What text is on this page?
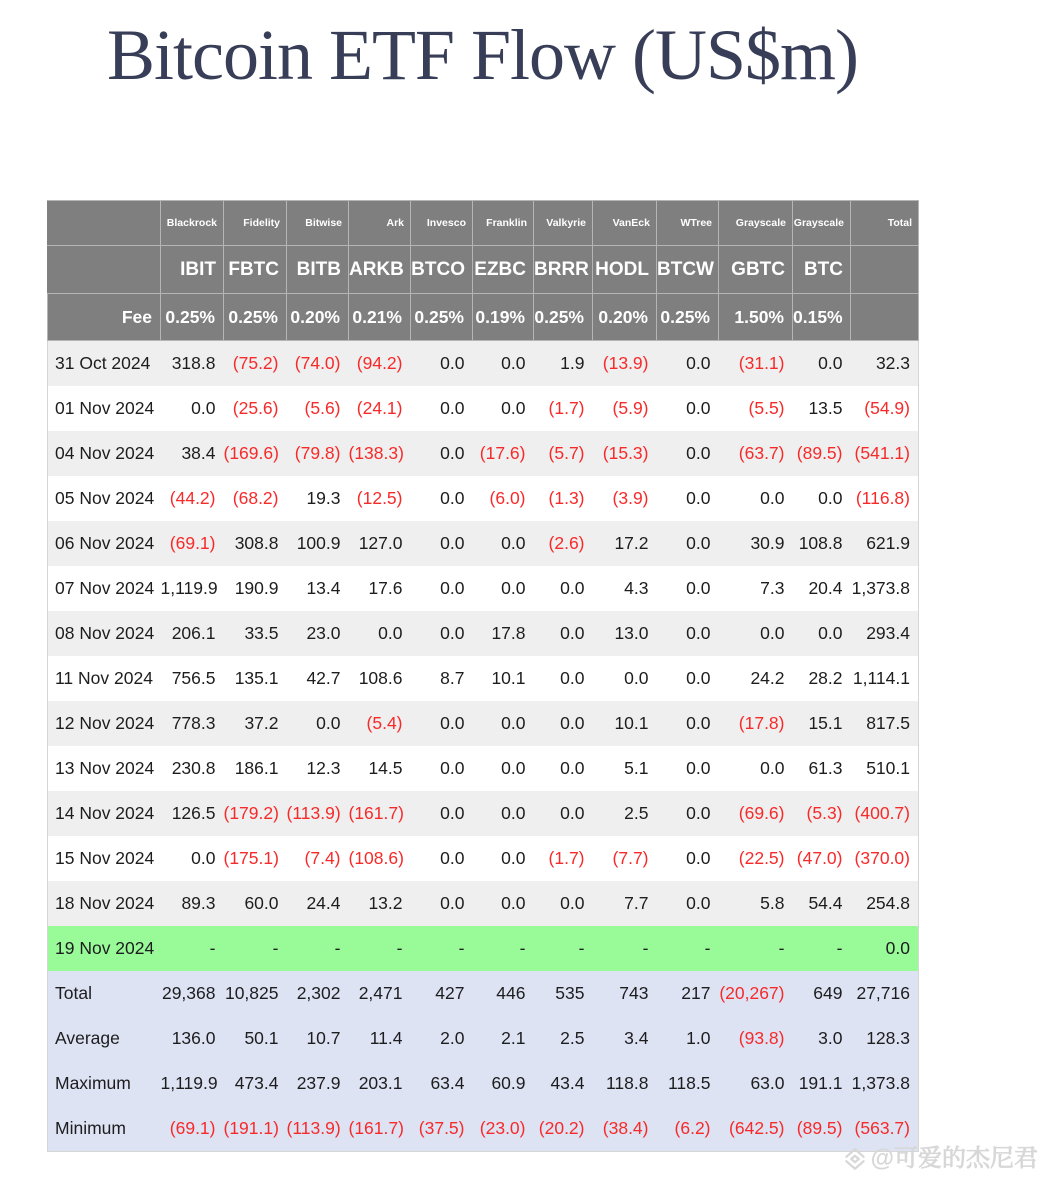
Bitcoin ETF Flow (US$m)
	Blackrock	Fidelity	Bitwise	Ark	Invesco	Franklin	Valkyrie	VanEck	WTree	Grayscale	Grayscale	Total
	IBIT	FBTC	BITB	ARKB	BTCO	EZBC	BRRR	HODL	BTCW	GBTC	BTC	
Fee	0.25%	0.25%	0.20%	0.21%	0.25%	0.19%	0.25%	0.20%	0.25%	1.50%	0.15%	
31 Oct 2024	318.8	(75.2)	(74.0)	(94.2)	0.0	0.0	1.9	(13.9)	0.0	(31.1)	0.0	32.3
01 Nov 2024	0.0	(25.6)	(5.6)	(24.1)	0.0	0.0	(1.7)	(5.9)	0.0	(5.5)	13.5	(54.9)
04 Nov 2024	38.4	(169.6)	(79.8)	(138.3)	0.0	(17.6)	(5.7)	(15.3)	0.0	(63.7)	(89.5)	(541.1)
05 Nov 2024	(44.2)	(68.2)	19.3	(12.5)	0.0	(6.0)	(1.3)	(3.9)	0.0	0.0	0.0	(116.8)
06 Nov 2024	(69.1)	308.8	100.9	127.0	0.0	0.0	(2.6)	17.2	0.0	30.9	108.8	621.9
07 Nov 2024	1,119.9	190.9	13.4	17.6	0.0	0.0	0.0	4.3	0.0	7.3	20.4	1,373.8
08 Nov 2024	206.1	33.5	23.0	0.0	0.0	17.8	0.0	13.0	0.0	0.0	0.0	293.4
11 Nov 2024	756.5	135.1	42.7	108.6	8.7	10.1	0.0	0.0	0.0	24.2	28.2	1,114.1
12 Nov 2024	778.3	37.2	0.0	(5.4)	0.0	0.0	0.0	10.1	0.0	(17.8)	15.1	817.5
13 Nov 2024	230.8	186.1	12.3	14.5	0.0	0.0	0.0	5.1	0.0	0.0	61.3	510.1
14 Nov 2024	126.5	(179.2)	(113.9)	(161.7)	0.0	0.0	0.0	2.5	0.0	(69.6)	(5.3)	(400.7)
15 Nov 2024	0.0	(175.1)	(7.4)	(108.6)	0.0	0.0	(1.7)	(7.7)	0.0	(22.5)	(47.0)	(370.0)
18 Nov 2024	89.3	60.0	24.4	13.2	0.0	0.0	0.0	7.7	0.0	5.8	54.4	254.8
19 Nov 2024	-	-	-	-	-	-	-	-	-	-	-	0.0
Total	29,368	10,825	2,302	2,471	427	446	535	743	217	(20,267)	649	27,716
Average	136.0	50.1	10.7	11.4	2.0	2.1	2.5	3.4	1.0	(93.8)	3.0	128.3
Maximum	1,119.9	473.4	237.9	203.1	63.4	60.9	43.4	118.8	118.5	63.0	191.1	1,373.8
Minimum	(69.1)	(191.1)	(113.9)	(161.7)	(37.5)	(23.0)	(20.2)	(38.4)	(6.2)	(642.5)	(89.5)	(563.7)
@可爱的杰尼君
